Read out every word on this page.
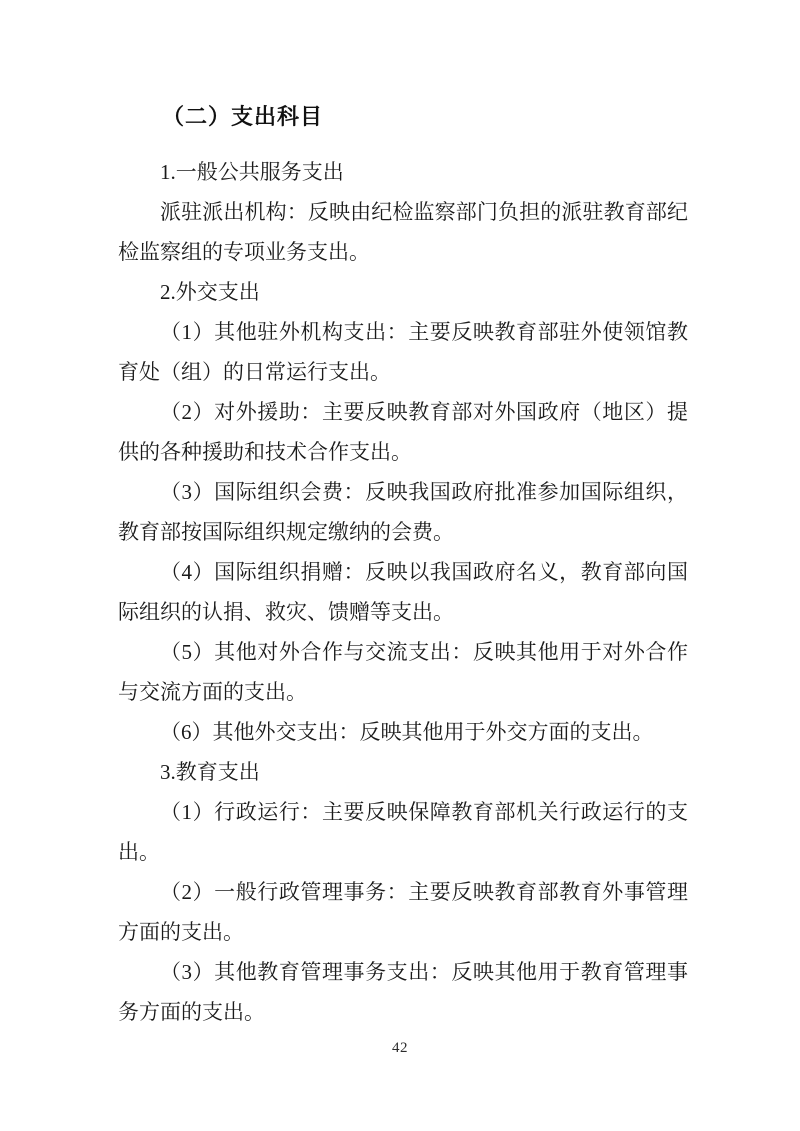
（二）支出科目

1.一般公共服务支出

派驻派出机构：反映由纪检监察部门负担的派驻教育部纪检监察组的专项业务支出。

2.外交支出

（1）其他驻外机构支出：主要反映教育部驻外使领馆教育处（组）的日常运行支出。

（2）对外援助：主要反映教育部对外国政府（地区）提供的各种援助和技术合作支出。

（3）国际组织会费：反映我国政府批准参加国际组织，教育部按国际组织规定缴纳的会费。

（4）国际组织捐赠：反映以我国政府名义，教育部向国际组织的认捐、救灾、馈赠等支出。

（5）其他对外合作与交流支出：反映其他用于对外合作与交流方面的支出。

（6）其他外交支出：反映其他用于外交方面的支出。

3.教育支出

（1）行政运行：主要反映保障教育部机关行政运行的支出。

（2）一般行政管理事务：主要反映教育部教育外事管理方面的支出。

（3）其他教育管理事务支出：反映其他用于教育管理事务方面的支出。

42
